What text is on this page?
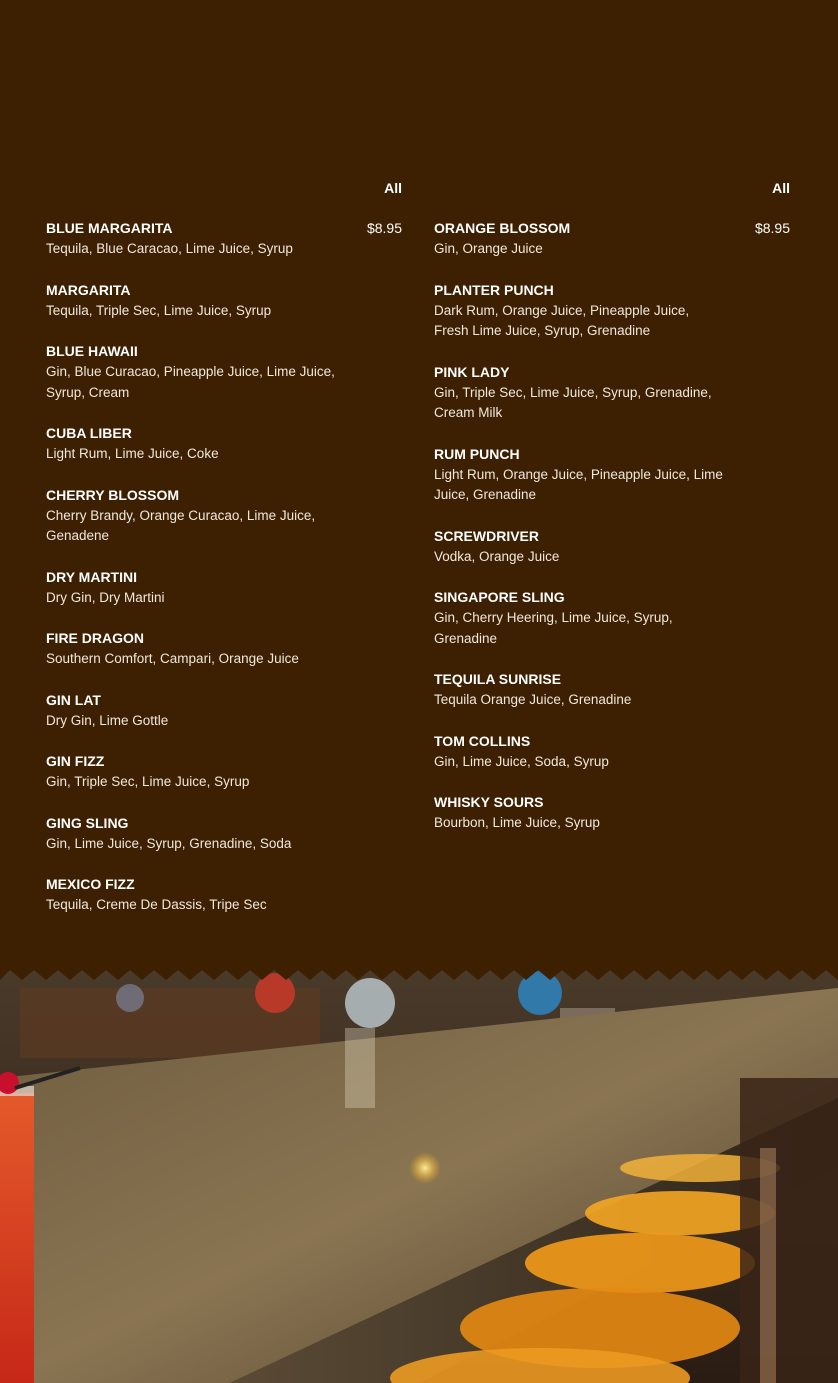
All
BLUE MARGARITA	$8.95
Tequila, Blue Caracao, Lime Juice, Syrup
MARGARITA
Tequila, Triple Sec, Lime Juice, Syrup
BLUE HAWAII
Gin, Blue Curacao, Pineapple Juice, Lime Juice, Syrup, Cream
CUBA LIBER
Light Rum, Lime Juice, Coke
CHERRY BLOSSOM
Cherry Brandy, Orange Curacao, Lime Juice, Genadene
DRY MARTINI
Dry Gin, Dry Martini
FIRE DRAGON
Southern Comfort, Campari, Orange Juice
GIN LAT
Dry Gin, Lime Gottle
GIN FIZZ
Gin, Triple Sec, Lime Juice, Syrup
GING SLING
Gin, Lime Juice, Syrup, Grenadine, Soda
MEXICO FIZZ
Tequila, Creme De Dassis, Tripe Sec
All
ORANGE BLOSSOM	$8.95
Gin, Orange Juice
PLANTER PUNCH
Dark Rum, Orange Juice, Pineapple Juice, Fresh Lime Juice, Syrup, Grenadine
PINK LADY
Gin, Triple Sec, Lime Juice, Syrup, Grenadine, Cream Milk
RUM PUNCH
Light Rum, Orange Juice, Pineapple Juice, Lime Juice, Grenadine
SCREWDRIVER
Vodka, Orange Juice
SINGAPORE SLING
Gin, Cherry Heering, Lime Juice, Syrup, Grenadine
TEQUILA SUNRISE
Tequila Orange Juice, Grenadine
TOM COLLINS
Gin, Lime Juice, Soda, Syrup
WHISKY SOURS
Bourbon, Lime Juice, Syrup
